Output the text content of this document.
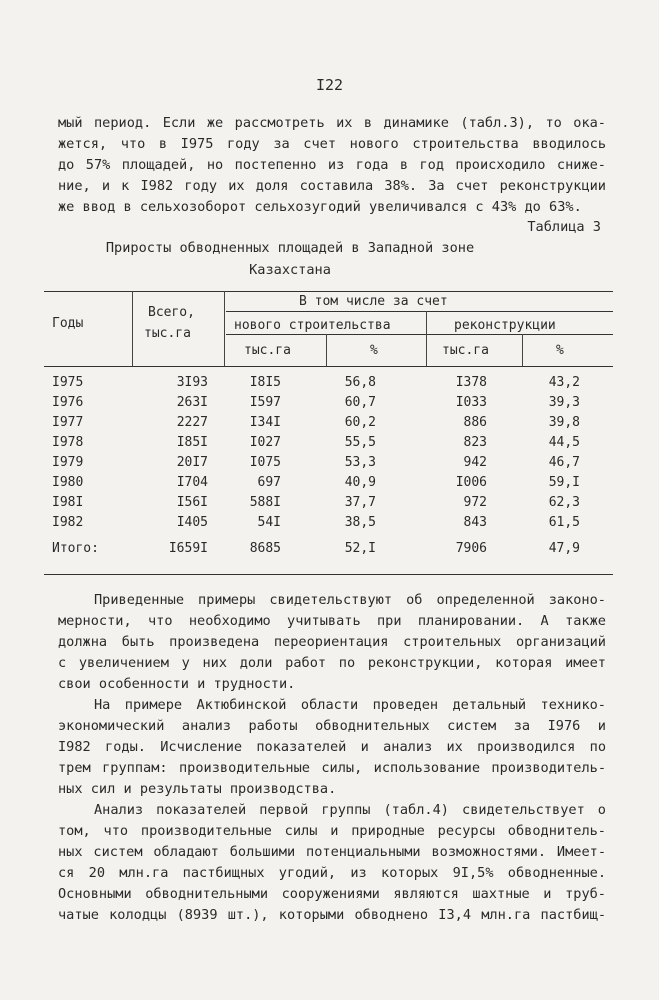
I22
мый период. Если же рассмотреть их в динамике (табл.3), то ока-
жется, что в I975 году за счет нового строительства вводилось
до 57% площадей, но постепенно из года в год происходило сниже-
ние, и к I982 году их доля составила 38%. За счет реконструкции
же ввод в сельхозоборот сельхозугодий увеличивался с 43% до 63%.
Таблица 3
Приросты обводненных площадей в Западной зоне
Казахстана
Годы
Всего,
тыс.га
В том числе за счет
нового строительства	реконструкции
тыс.га	%	тыс.га	%
I975	3I93	I8I5	56,8	I378	43,2
I976	263I	I597	60,7	I033	39,3
I977	2227	I34I	60,2	886	39,8
I978	I85I	I027	55,5	823	44,5
I979	20I7	I075	53,3	942	46,7
I980	I704	697	40,9	I006	59,I
I98I	I56I	588I	37,7	972	62,3
I982	I405	54I	38,5	843	61,5
Итого:	I659I	8685	52,I	7906	47,9
Приведенные примеры свидетельствуют об определенной законо-
мерности, что необходимо учитывать при планировании. А также
должна быть произведена переориентация строительных организаций
с увеличением у них доли работ по реконструкции, которая имеет
свои особенности и трудности.
На примере Актюбинской области проведен детальный технико-
экономический анализ работы обводнительных систем за I976 и
I982 годы. Исчисление показателей и анализ их производился по
трем группам: производительные силы, использование производитель-
ных сил и результаты производства.
Анализ показателей первой группы (табл.4) свидетельствует о
том, что производительные силы и природные ресурсы обводнитель-
ных систем обладают большими потенциальными возможностями. Имеет-
ся 20 млн.га пастбищных угодий, из которых 9I,5% обводненные.
Основными обводнительными сооружениями являются шахтные и труб-
чатые колодцы (8939 шт.), которыми обводнено I3,4 млн.га пастбищ-
